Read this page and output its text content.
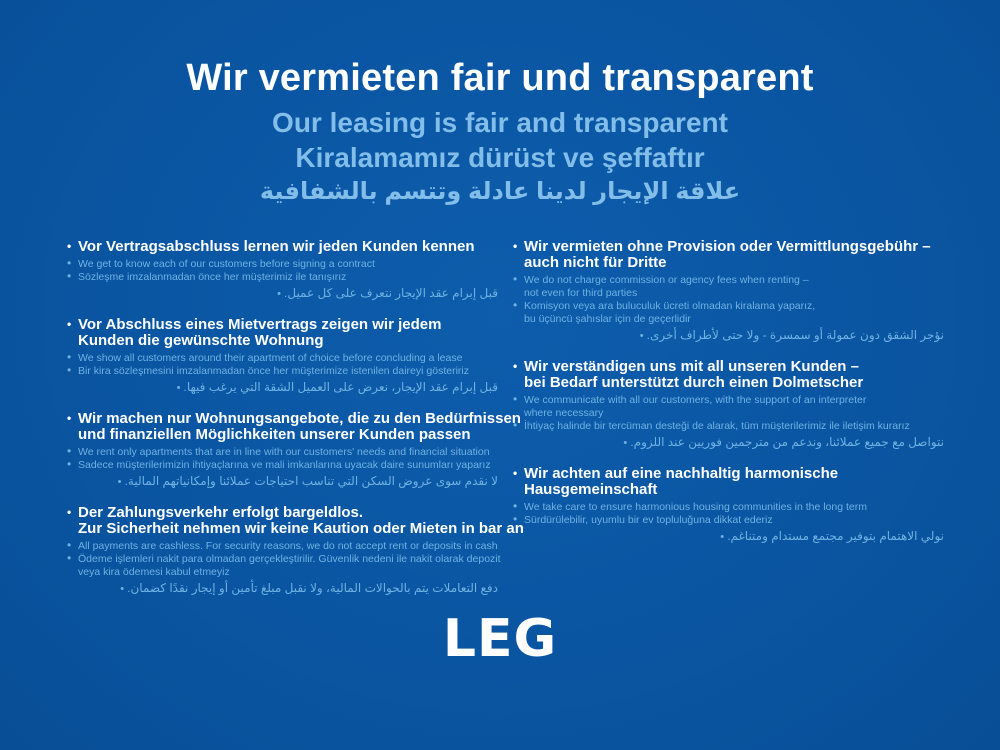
Wir vermieten fair und transparent
Our leasing is fair and transparent
Kiralamamız dürüst ve şeffaftır
علاقة الإيجار لدينا عادلة وتتسم بالشفافية
• Vor Vertragsabschluss lernen wir jeden Kunden kennen
• We get to know each of our customers before signing a contract
• Sözleşme imzalanmadan önce her müşterimiz ile tanışırız
• قبل إبرام عقد الإيجار نتعرف على كل عميل.
• Vor Abschluss eines Mietvertrags zeigen wir jedem
Kunden die gewünschte Wohnung
• We show all customers around their apartment of choice before concluding a lease
• Bir kira sözleşmesini imzalanmadan önce her müşterimize istenilen daireyi gösteririz
• قبل إبرام عقد الإيجار، نعرض على العميل الشقة التي يرغب فيها.
• Wir machen nur Wohnungsangebote, die zu den Bedürfnissen
und finanziellen Möglichkeiten unserer Kunden passen
• We rent only apartments that are in line with our customers' needs and financial situation
• Sadece müşterilerimizin ihtiyaçlarına ve mali imkanlarına uyacak daire sunumları yaparız
• لا نقدم سوى عروض السكن التي تناسب احتياجات عملائنا وإمكانياتهم المالية.
• Der Zahlungsverkehr erfolgt bargeldlos.
Zur Sicherheit nehmen wir keine Kaution oder Mieten in bar an
• All payments are cashless. For security reasons, we do not accept rent or deposits in cash
• Ödeme işlemleri nakit para olmadan gerçekleştirilir. Güvenlik nedeni ile nakit olarak depozit
veya kira ödemesi kabul etmeyiz
• دفع التعاملات يتم بالحوالات المالية، ولا نقبل مبلغ تأمين أو إيجار نقدًا كضمان.
• Wir vermieten ohne Provision oder Vermittlungsgebühr –
auch nicht für Dritte
• We do not charge commission or agency fees when renting –
not even for third parties
• Komisyon veya ara buluculuk ücreti olmadan kiralama yaparız,
bu üçüncü şahıslar için de geçerlidir
• نؤجر الشقق دون عمولة أو سمسرة - ولا حتى لأطراف أخرى.
• Wir verständigen uns mit all unseren Kunden –
bei Bedarf unterstützt durch einen Dolmetscher
• We communicate with all our customers, with the support of an interpreter
where necessary
• İhtiyaç halinde bir tercüman desteği de alarak, tüm müşterilerimiz ile iletişim kurarız
• نتواصل مع جميع عملائنا، وندعم من مترجمين فوريين عند اللزوم.
• Wir achten auf eine nachhaltig harmonische
Hausgemeinschaft
• We take care to ensure harmonious housing communities in the long term
• Sürdürülebilir, uyumlu bir ev topluluğuna dikkat ederiz
• نولي الاهتمام بتوفير مجتمع مستدام ومتناغم.
LEG
